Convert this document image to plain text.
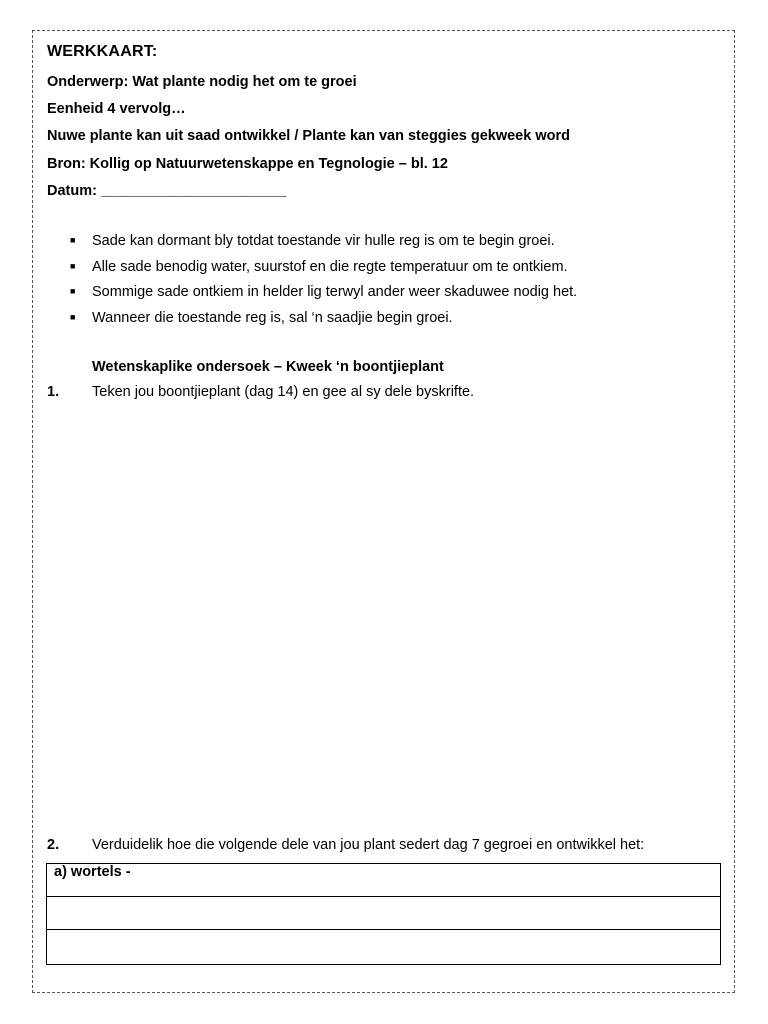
WERKKAART:
Onderwerp: Wat plante nodig het om te groei
Eenheid 4 vervolg…
Nuwe plante kan uit saad ontwikkel / Plante kan van steggies gekweek word
Bron: Kollig op Natuurwetenskappe en Tegnologie – bl. 12
Datum: _______________________
■ Sade kan dormant bly totdat toestande vir hulle reg is om te begin groei.
■ Alle sade benodig water, suurstof en die regte temperatuur om te ontkiem.
■ Sommige sade ontkiem in helder lig terwyl ander weer skaduwee nodig het.
■ Wanneer die toestande reg is, sal ‘n saadjie begin groei.
Wetenskaplike ondersoek – Kweek ‘n boontjieplant
1. Teken jou boontjieplant (dag 14) en gee al sy dele byskrifte.
2. Verduidelik hoe die volgende dele van jou plant sedert dag 7 gegroei en ontwikkel het:
a) wortels -
